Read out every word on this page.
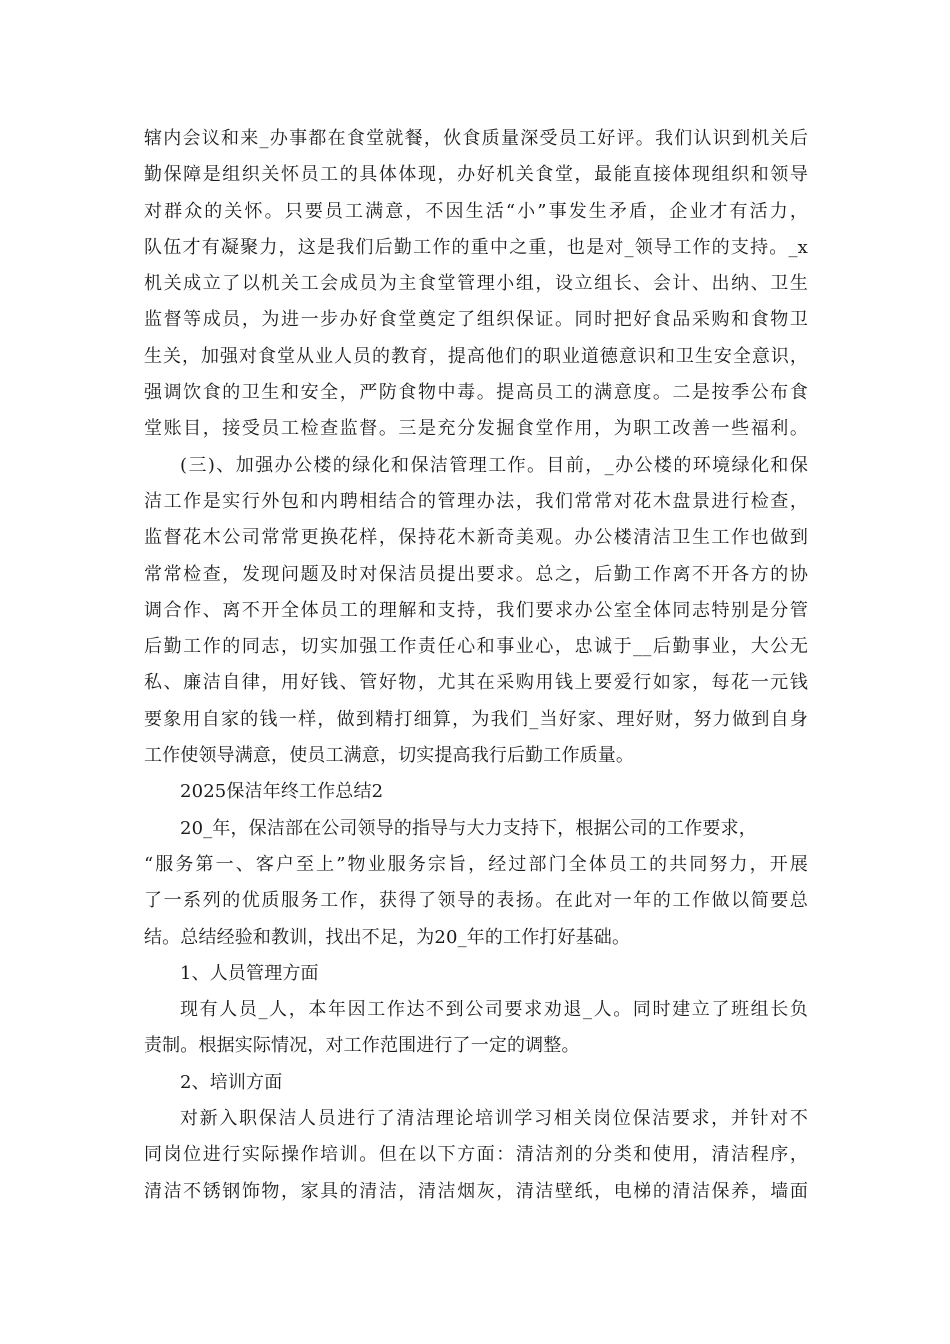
辖内会议和来_办事都在食堂就餐，伙食质量深受员工好评。我们认识到机关后
勤保障是组织关怀员工的具体体现，办好机关食堂，最能直接体现组织和领导
对群众的关怀。只要员工满意，不因生活“小”事发生矛盾，企业才有活力，
队伍才有凝聚力，这是我们后勤工作的重中之重，也是对_领导工作的支持。_x
机关成立了以机关工会成员为主食堂管理小组，设立组长、会计、出纳、卫生
监督等成员，为进一步办好食堂奠定了组织保证。同时把好食品采购和食物卫
生关，加强对食堂从业人员的教育，提高他们的职业道德意识和卫生安全意识，
强调饮食的卫生和安全，严防食物中毒。提高员工的满意度。二是按季公布食
堂账目，接受员工检查监督。三是充分发掘食堂作用，为职工改善一些福利。
(三)、加强办公楼的绿化和保洁管理工作。目前，_办公楼的环境绿化和保
洁工作是实行外包和内聘相结合的管理办法，我们常常对花木盘景进行检查，
监督花木公司常常更换花样，保持花木新奇美观。办公楼清洁卫生工作也做到
常常检查，发现问题及时对保洁员提出要求。总之，后勤工作离不开各方的协
调合作、离不开全体员工的理解和支持，我们要求办公室全体同志特别是分管
后勤工作的同志，切实加强工作责任心和事业心，忠诚于__后勤事业，大公无
私、廉洁自律，用好钱、管好物，尤其在采购用钱上要爱行如家，每花一元钱
要象用自家的钱一样，做到精打细算，为我们_当好家、理好财，努力做到自身
工作使领导满意，使员工满意，切实提高我行后勤工作质量。
2025保洁年终工作总结2
20_年，保洁部在公司领导的指导与大力支持下，根据公司的工作要求，
“服务第一、客户至上”物业服务宗旨，经过部门全体员工的共同努力，开展
了一系列的优质服务工作，获得了领导的表扬。在此对一年的工作做以简要总
结。总结经验和教训，找出不足，为20_年的工作打好基础。
1、人员管理方面
现有人员_人，本年因工作达不到公司要求劝退_人。同时建立了班组长负
责制。根据实际情况，对工作范围进行了一定的调整。
2、培训方面
对新入职保洁人员进行了清洁理论培训学习相关岗位保洁要求，并针对不
同岗位进行实际操作培训。但在以下方面：清洁剂的分类和使用，清洁程序，
清洁不锈钢饰物，家具的清洁，清洁烟灰，清洁壁纸，电梯的清洁保养，墙面
